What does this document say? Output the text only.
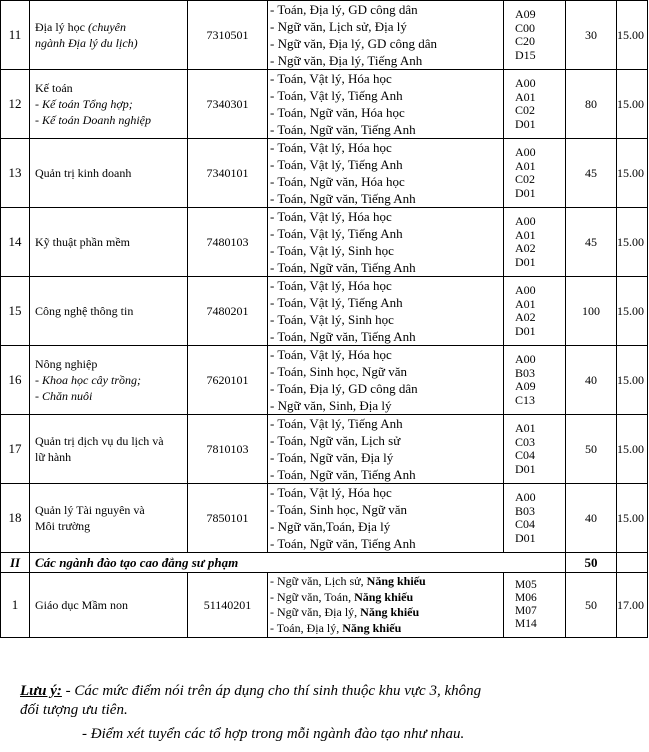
11	Địa lý học (chuyên
ngành Địa lý du lịch)	7310501	- Toán, Địa lý, GD công dân
- Ngữ văn, Lịch sử, Địa lý
- Ngữ văn, Địa lý, GD công dân
- Ngữ văn, Địa lý, Tiếng Anh	A09
C00
C20
D15	30	15.00
12	Kế toán
- Kế toán Tổng hợp;
- Kế toán Doanh nghiệp	7340301	- Toán, Vật lý, Hóa học
- Toán, Vật lý, Tiếng Anh
- Toán, Ngữ văn, Hóa học
- Toán, Ngữ văn, Tiếng Anh	A00
A01
C02
D01	80	15.00
13	Quản trị kinh doanh	7340101	- Toán, Vật lý, Hóa học
- Toán, Vật lý, Tiếng Anh
- Toán, Ngữ văn, Hóa học
- Toán, Ngữ văn, Tiếng Anh	A00
A01
C02
D01	45	15.00
14	Kỹ thuật phần mềm	7480103	- Toán, Vật lý, Hóa học
- Toán, Vật lý, Tiếng Anh
- Toán, Vật lý, Sinh học
- Toán, Ngữ văn, Tiếng Anh	A00
A01
A02
D01	45	15.00
15	Công nghệ thông tin	7480201	- Toán, Vật lý, Hóa học
- Toán, Vật lý, Tiếng Anh
- Toán, Vật lý, Sinh học
- Toán, Ngữ văn, Tiếng Anh	A00
A01
A02
D01	100	15.00
16	Nông nghiệp
- Khoa học cây trồng;
- Chăn nuôi	7620101	- Toán, Vật lý, Hóa học
- Toán, Sinh học, Ngữ văn
- Toán, Địa lý, GD công dân
- Ngữ văn, Sinh, Địa lý	A00
B03
A09
C13	40	15.00
17	Quản trị dịch vụ du lịch và
lữ hành	7810103	- Toán, Vật lý, Tiếng Anh
- Toán, Ngữ văn, Lịch sử
- Toán, Ngữ văn, Địa lý
- Toán, Ngữ văn, Tiếng Anh	A01
C03
C04
D01	50	15.00
18	Quản lý Tài nguyên và
Môi trường	7850101	- Toán, Vật lý, Hóa học
- Toán, Sinh học, Ngữ văn
- Ngữ văn,Toán, Địa lý
- Toán, Ngữ văn, Tiếng Anh	A00
B03
C04
D01	40	15.00
II	Các ngành đào tạo cao đẳng sư phạm				50	
1	Giáo dục Mầm non	51140201	- Ngữ văn, Lịch sử, Năng khiếu
- Ngữ văn, Toán, Năng khiếu
- Ngữ văn, Địa lý, Năng khiếu
- Toán, Địa lý, Năng khiếu	M05
M06
M07
M14	50	17.00
Lưu ý: - Các mức điểm nói trên áp dụng cho thí sinh thuộc khu vực 3, không
đối tượng ưu tiên.
- Điểm xét tuyển các tổ hợp trong mỗi ngành đào tạo như nhau.
